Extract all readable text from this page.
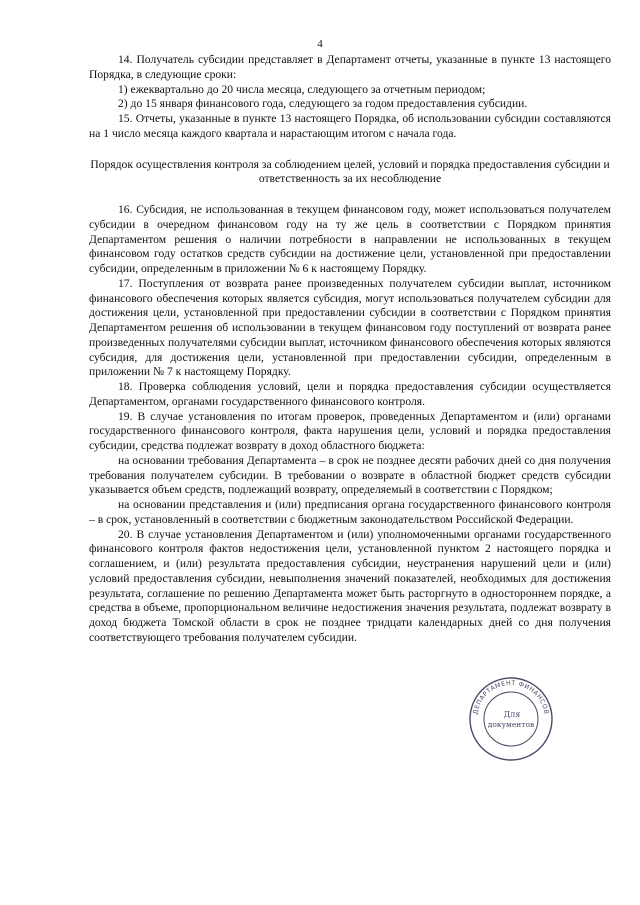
4

14. Получатель субсидии представляет в Департамент отчеты, указанные в пункте 13 настоящего Порядка, в следующие сроки:

1) ежеквартально до 20 числа месяца, следующего за отчетным периодом;

2) до 15 января финансового года, следующего за годом предоставления субсидии.

15. Отчеты, указанные в пункте 13 настоящего Порядка, об использовании субсидии составляются на 1 число месяца каждого квартала и нарастающим итогом с начала года.

Порядок осуществления контроля за соблюдением целей, условий и порядка предоставления субсидии и ответственность за их несоблюдение

16. Субсидия, не использованная в текущем финансовом году, может использоваться получателем субсидии в очередном финансовом году на ту же цель в соответствии с Порядком принятия Департаментом решения о наличии потребности в направлении не использованных в текущем финансовом году остатков средств субсидии на достижение цели, установленной при предоставлении субсидии, определенным в приложении № 6 к настоящему Порядку.

17. Поступления от возврата ранее произведенных получателем субсидии выплат, источником финансового обеспечения которых является субсидия, могут использоваться получателем субсидии для достижения цели, установленной при предоставлении субсидии в соответствии с Порядком принятия Департаментом решения об использовании в текущем финансовом году поступлений от возврата ранее произведенных получателями субсидии выплат, источником финансового обеспечения которых являются субсидия, для достижения цели, установленной при предоставлении субсидии, определенным в приложении № 7 к настоящему Порядку.

18. Проверка соблюдения условий, цели и порядка предоставления субсидии осуществляется Департаментом, органами государственного финансового контроля.

19. В случае установления по итогам проверок, проведенных Департаментом и (или) органами государственного финансового контроля, факта нарушения цели, условий и порядка предоставления субсидии, средства подлежат возврату в доход областного бюджета:

на основании требования Департамента – в срок не позднее десяти рабочих дней со дня получения требования получателем субсидии. В требовании о возврате в областной бюджет средств субсидии указывается объем средств, подлежащий возврату, определяемый в соответствии с Порядком;

на основании представления и (или) предписания органа государственного финансового контроля – в срок, установленный в соответствии с бюджетным законодательством Российской Федерации.

20. В случае установления Департаментом и (или) уполномоченными органами государственного финансового контроля фактов недостижения цели, установленной пунктом 2 настоящего порядка и соглашением, и (или) результата предоставления субсидии, неустранения нарушений цели и (или) условий предоставления субсидии, невыполнения значений показателей, необходимых для достижения результата, соглашение по решению Департамента может быть расторгнуто в одностороннем порядке, а средства в объеме, пропорциональном величине недостижения значения результата, подлежат возврату в доход бюджета Томской области в срок не позднее тридцати календарных дней со дня получения соответствующего требования получателем субсидии.

ДЕПАРТАМЕНТ ФИНАНСОВ
Для
документов
